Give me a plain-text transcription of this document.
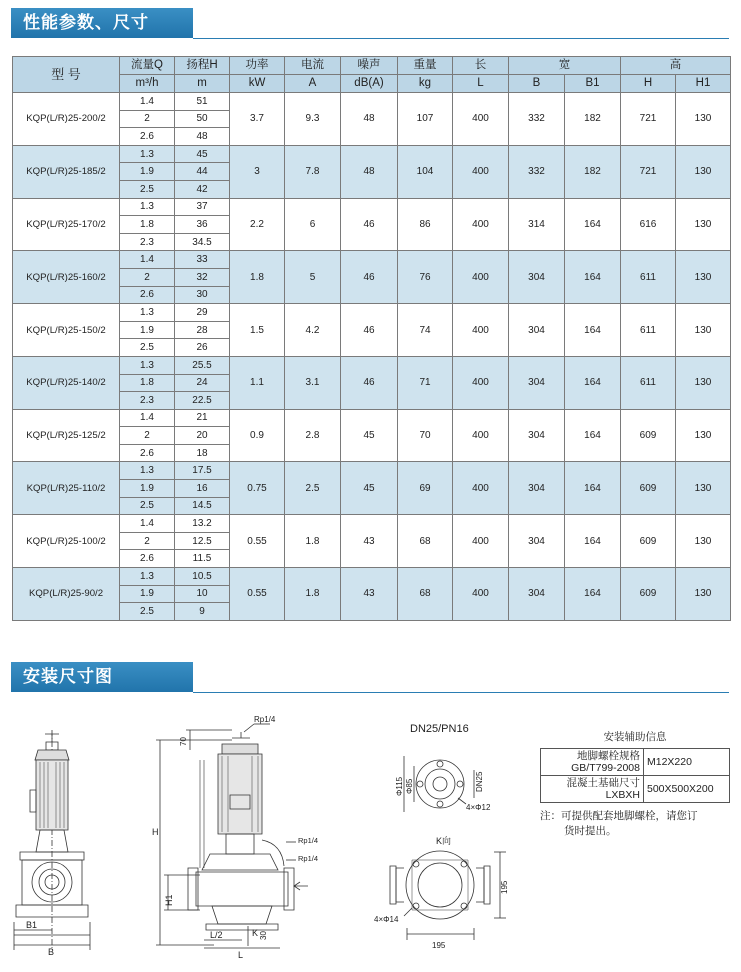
性能参数、尺寸
型 号	流量Q	扬程H	功率	电流	噪声	重量	长	宽		高	
	m³/h	m	kW	A	dB(A)	kg	L	B	B1	H	H1
KQP(L/R)25-200/2	1.4	51	3.7	9.3	48	107	400	332	182	721	130
	2	50									
	2.6	48									
KQP(L/R)25-185/2	1.3	45	3	7.8	48	104	400	332	182	721	130
	1.9	44									
	2.5	42									
KQP(L/R)25-170/2	1.3	37	2.2	6	46	86	400	314	164	616	130
	1.8	36									
	2.3	34.5									
KQP(L/R)25-160/2	1.4	33	1.8	5	46	76	400	304	164	611	130
	2	32									
	2.6	30									
KQP(L/R)25-150/2	1.3	29	1.5	4.2	46	74	400	304	164	611	130
	1.9	28									
	2.5	26									
KQP(L/R)25-140/2	1.3	25.5	1.1	3.1	46	71	400	304	164	611	130
	1.8	24									
	2.3	22.5									
KQP(L/R)25-125/2	1.4	21	0.9	2.8	45	70	400	304	164	609	130
	2	20									
	2.6	18									
KQP(L/R)25-110/2	1.3	17.5	0.75	2.5	45	69	400	304	164	609	130
	1.9	16									
	2.5	14.5									
KQP(L/R)25-100/2	1.4	13.2	0.55	1.8	43	68	400	304	164	609	130
	2	12.5									
	2.6	11.5									
KQP(L/R)25-90/2	1.3	10.5	0.55	1.8	43	68	400	304	164	609	130
	1.9	10									
	2.5	9									
安装尺寸图
B1
B
H
70
H1
L/2	K 30
L
Rp1/4
Rp1/4
Rp1/4
DN25/PN16
Φ115 Φ85	DN25
4×Φ12
K向
195
195
4×Φ14
安装辅助信息
地脚螺栓规格
GB/T799-2008	M12X220

混凝土基础尺寸
LXBXH	500X500X200
注：可提供配套地脚螺栓，请您订
货时提出。
